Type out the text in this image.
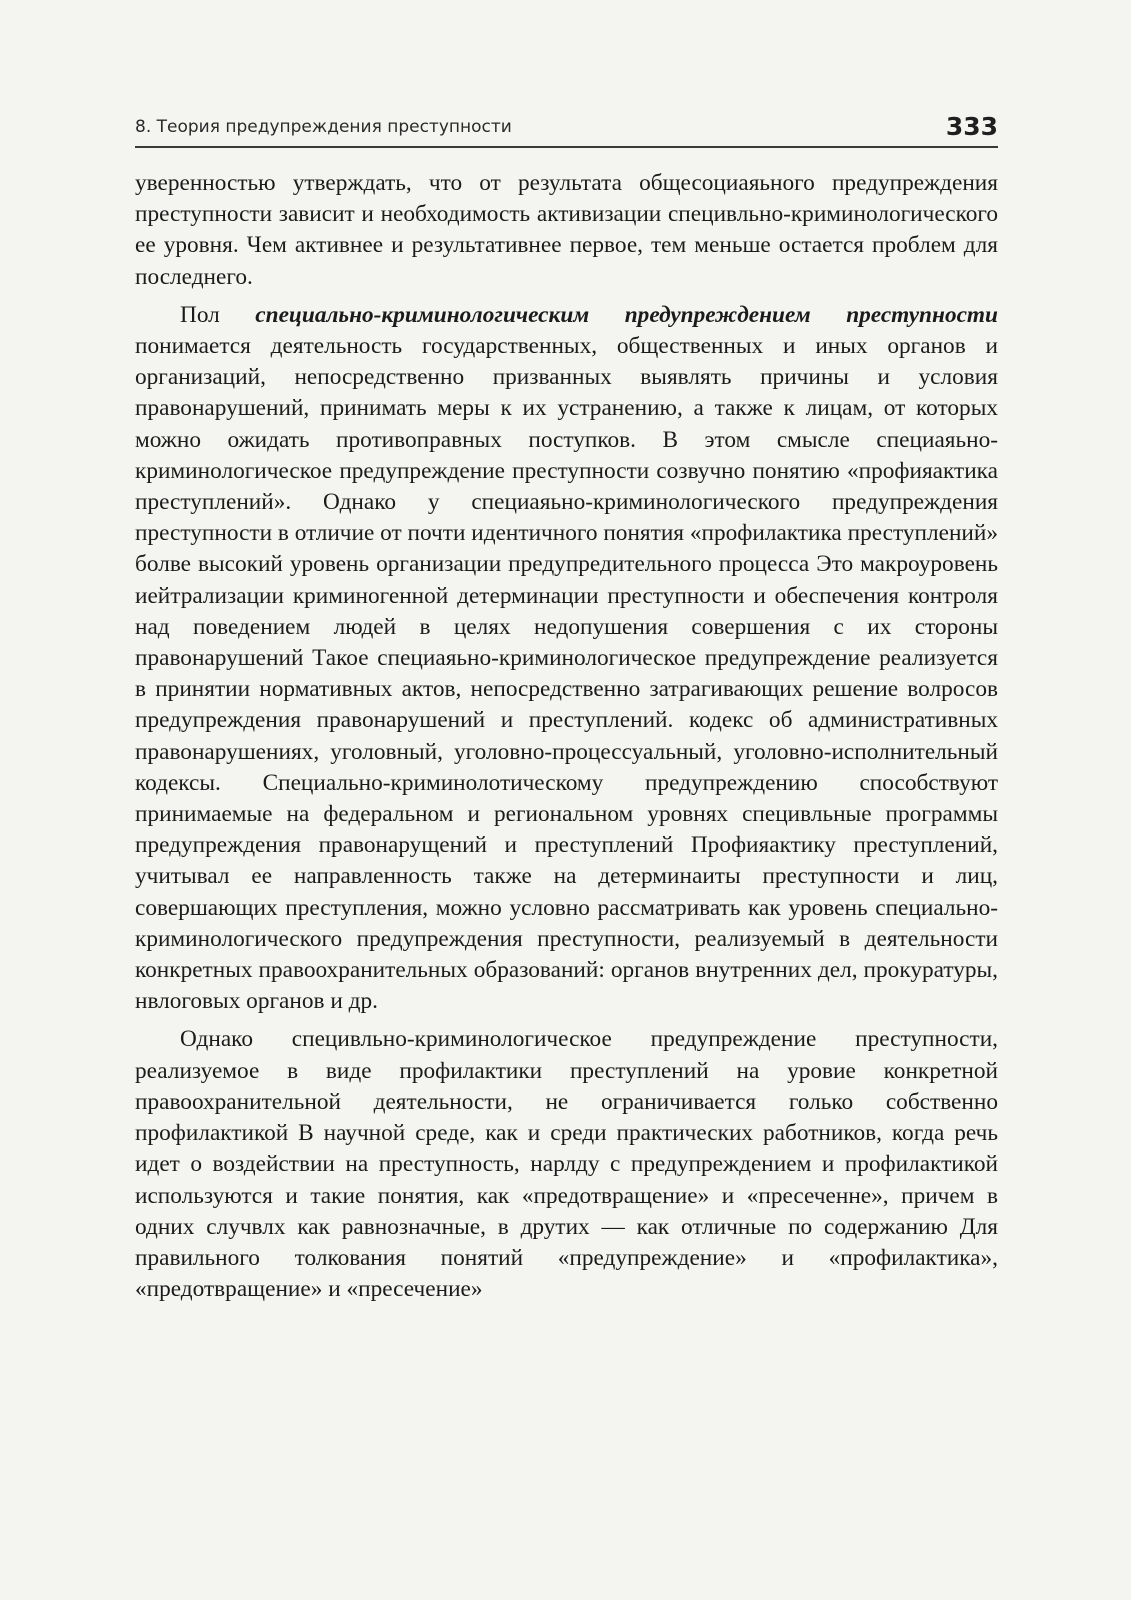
8. Теория предупреждения преступности	333

уверенностью утверждать, что от результата общесоциаяьного предупреждения преступности зависит и необходимость активизации специвльно-криминологического ее уровня. Чем активнее и результативнее первое, тем меньше остается проблем для последнего.

Пол специально-криминологическим предупреждением преступности понимается деятельность государственных, общественных и иных органов и организаций, непосредственно призванных выявлять причины и условия правонарушений, принимать меры к их устранению, а также к лицам, от которых можно ожидать противоправных поступков. В этом смысле специаяьно-криминологическое предупреждение преступности созвучно понятию «профияактика преступлений». Однако у специаяьно-криминологического предупреждения преступности в отличие от почти идентичного понятия «профилактика преступлений» болве высокий уровень организации предупредительного процесса Это макроуровень иейтрализации криминогенной детерминации преступности и обеспечения контроля над поведением людей в целях недопушения совершения с их стороны правонарушений Такое специаяьно-криминологическое предупреждение реализуется в принятии нормативных актов, непосредственно затрагивающих решение волросов предупреждения правонарушений и преступлений. кодекс об административных правонарушениях, уголовный, уголовно-процессуальный, уголовно-исполнительный кодексы. Специально-криминолотическому предупреждению способствуют принимаемые на федеральном и региональном уровнях специвльные программы предупреждения правонарущений и преступлений Профияактику преступлений, учитывал ее направленность также на детерминаиты преступности и лиц, совершающих преступления, можно условно рассматривать как уровень специально-криминологического предупреждения преступности, реализуемый в деятельности конкретных правоохранительных образований: органов внутренних дел, прокуратуры, нвлоговых органов и др.

Однако специвльно-криминологическое предупреждение преступности, реализуемое в виде профилактики преступлений на уровие конкретной правоохранительной деятельности, не ограничивается голько собственно профилактикой В научной среде, как и среди практических работников, когда речь идет о воздействии на преступность, нарлду с предупреждением и профилактикой используются и такие понятия, как «предотвращение» и «пресеченне», причем в одних случвлх как равнозначные, в друтих — как отличные по содержанию Для правильного толкования понятий «предупреждение» и «профилактика», «предотвращение» и «пресечение»
